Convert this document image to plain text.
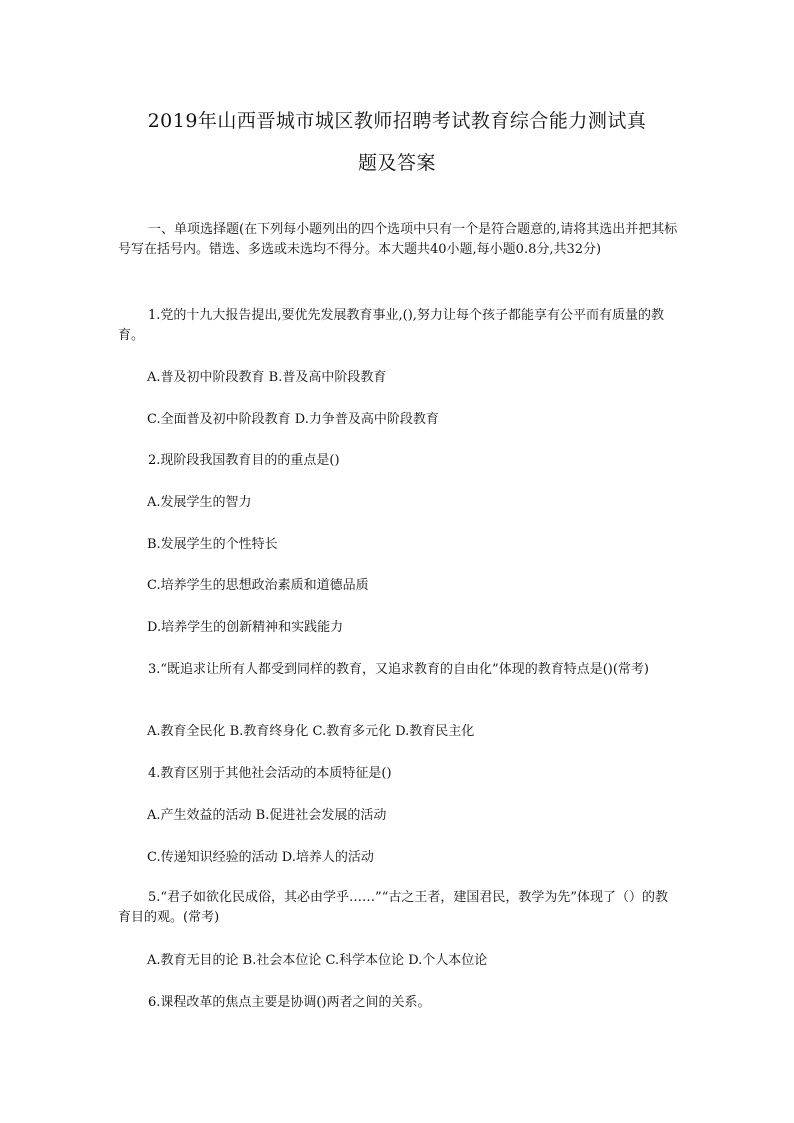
2019年山西晋城市城区教师招聘考试教育综合能力测试真
题及答案
一、单项选择题(在下列每小题列出的四个选项中只有一个是符合题意的,请将其选出并把其标号写在括号内。错选、多选或未选均不得分。本大题共40小题,每小题0.8分,共32分)
1.党的十九大报告提出,要优先发展教育事业,(),努力让每个孩子都能享有公平而有质量的教育。
A.普及初中阶段教育 B.普及高中阶段教育
C.全面普及初中阶段教育 D.力争普及高中阶段教育
2.现阶段我国教育目的的重点是()
A.发展学生的智力
B.发展学生的个性特长
C.培养学生的思想政治素质和道德品质
D.培养学生的创新精神和实践能力
3.“既追求让所有人都受到同样的教育，又追求教育的自由化”体现的教育特点是()(常考)
A.教育全民化 B.教育终身化 C.教育多元化 D.教育民主化
4.教育区别于其他社会活动的本质特征是()
A.产生效益的活动 B.促进社会发展的活动
C.传递知识经验的活动 D.培养人的活动
5.“君子如欲化民成俗，其必由学乎……”“古之王者，建国君民，教学为先”体现了（）的教育目的观。(常考)
A.教育无目的论 B.社会本位论 C.科学本位论 D.个人本位论
6.课程改革的焦点主要是协调()两者之间的关系。
